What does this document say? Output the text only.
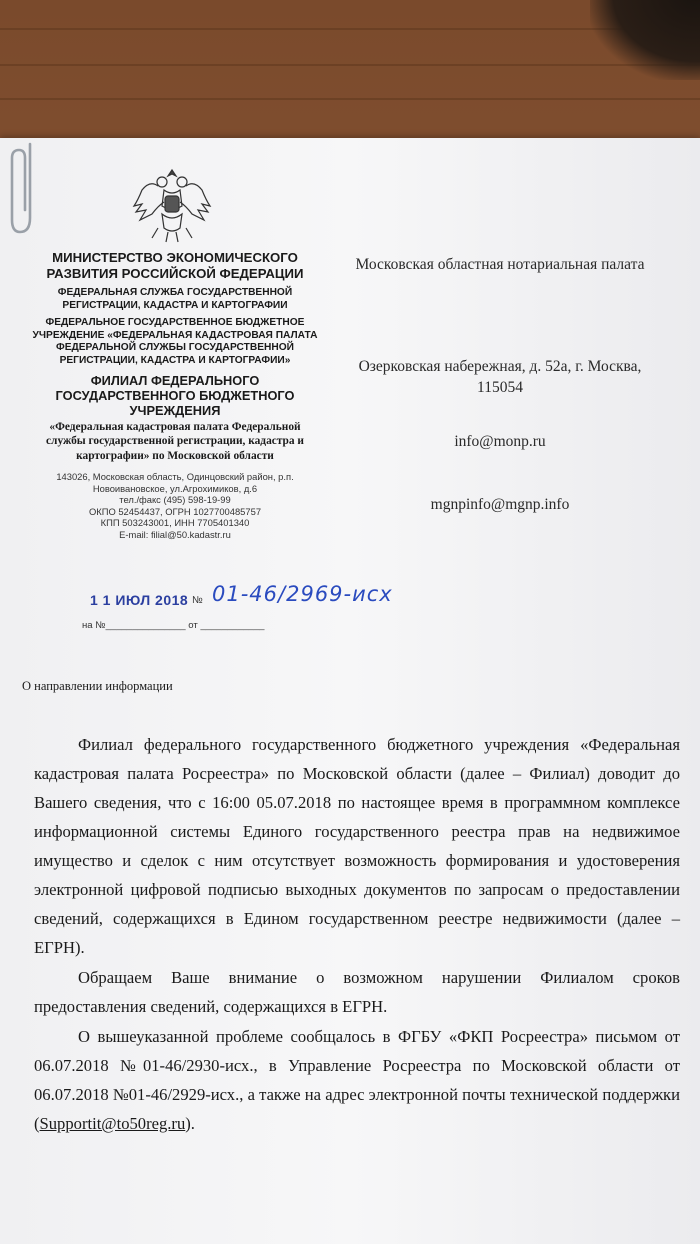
МИНИСТЕРСТВО ЭКОНОМИЧЕСКОГО РАЗВИТИЯ РОССИЙСКОЙ ФЕДЕРАЦИИ
ФЕДЕРАЛЬНАЯ СЛУЖБА ГОСУДАРСТВЕННОЙ РЕГИСТРАЦИИ, КАДАСТРА И КАРТОГРАФИИ
ФЕДЕРАЛЬНОЕ ГОСУДАРСТВЕННОЕ БЮДЖЕТНОЕ УЧРЕЖДЕНИЕ «ФЕДЕРАЛЬНАЯ КАДАСТРОВАЯ ПАЛАТА ФЕДЕРАЛЬНОЙ СЛУЖБЫ ГОСУДАРСТВЕННОЙ РЕГИСТРАЦИИ, КАДАСТРА И КАРТОГРАФИИ»
ФИЛИАЛ ФЕДЕРАЛЬНОГО ГОСУДАРСТВЕННОГО БЮДЖЕТНОГО УЧРЕЖДЕНИЯ
«Федеральная кадастровая палата Федеральной службы государственной регистрации, кадастра и картографии» по Московской области
143026, Московская область, Одинцовский район, р.п. Новоивановское, ул.Агрохимиков, д.6
тел./факс (495) 598-19-99
ОКПО 52454437, ОГРН 1027700485757
КПП 503243001, ИНН 7705401340
E-mail: filial@50.kadastr.ru
1 1 ИЮЛ 2018 № 01-46/2969-исх
на №_______________ от ____________
Московская областная нотариальная палата
Озерковская набережная, д. 52а, г. Москва, 115054
info@monp.ru
mgnpinfo@mgnp.info
О направлении информации

Филиал федерального государственного бюджетного учреждения «Федеральная кадастровая палата Росреестра» по Московской области (далее – Филиал) доводит до Вашего сведения, что с 16:00 05.07.2018 по настоящее время в программном комплексе информационной системы Единого государственного реестра прав на недвижимое имущество и сделок с ним отсутствует возможность формирования и удостоверения электронной цифровой подписью выходных документов по запросам о предоставлении сведений, содержащихся в Едином государственном реестре недвижимости (далее – ЕГРН).

Обращаем Ваше внимание о возможном нарушении Филиалом сроков предоставления сведений, содержащихся в ЕГРН.

О вышеуказанной проблеме сообщалось в ФГБУ «ФКП Росреестра» письмом от 06.07.2018 №01-46/2930-исх., в Управление Росреестра по Московской области от 06.07.2018 №01-46/2929-исх., а также на адрес электронной почты технической поддержки (Supportit@to50reg.ru).
